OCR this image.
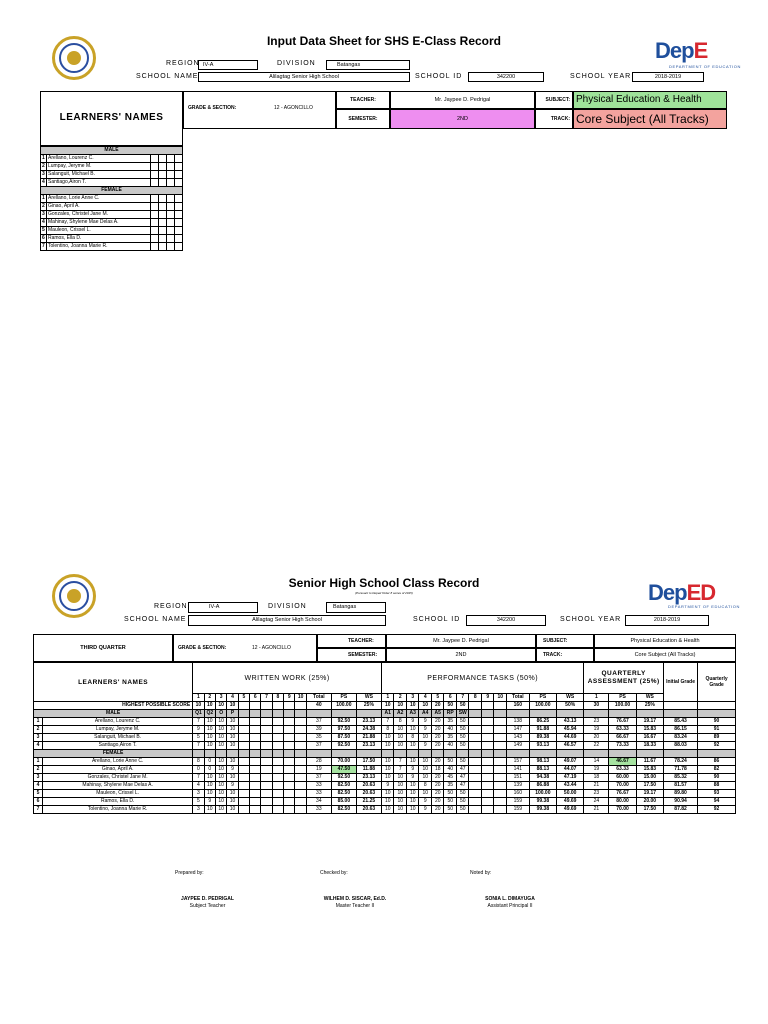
Input Data Sheet for SHS E-Class Record	DepE
DEPARTMENT OF EDUCATION
REGION IV-A	DIVISION	Batangas
SCHOOL NAME	Alilagtag Senior High School	SCHOOL ID	342200	SCHOOL YEAR	2018-2019
LEARNERS' NAMES
GRADE & SECTION:	12 - AGONCILLO
TEACHER:	Mr. Jaypee D. Pedrigal
SEMESTER:	2ND
SUBJECT: Physical Education & Health
TRACK: Core Subject (All Tracks)
MALE					
1	Arellano, Lourenz C.				
2	Lumpay, Jeryme M.				
3	Salanguit, Michael B.				
4	Santiago,Airon T.				
FEMALE					
1	Arellano, Lorie Anne C.				
2	Ginao, April A.				
3	Gonzales, Christel Jane M.				
4	Mahinay, Shylene Mae Delas A.				
5	Mauleon, Crissel L.				
6	Ramos, Ella D.				
7	Tolentino, Joanna Marie R.				
Senior High School Class Record
(Pursuant to Deped Order 8 series of 2015)	DepED
DEPARTMENT OF EDUCATION
REGION	IV-A	DIVISION	Batangas
SCHOOL NAME	Alilagtag Senior High School	SCHOOL ID	342200	SCHOOL YEAR	2018-2019
THIRD QUARTER	GRADE & SECTION:	12 - AGONCILLO
TEACHER:	Mr. Jaypee D. Pedrigal
SEMESTER:	2ND
SUBJECT:	Physical Education & Health
TRACK:	Core Subject (All Tracks)
LEARNERS' NAMES		WRITTEN WORK (25%)													PERFORMANCE TASKS (50%)													QUARTERLY ASSESSMENT (25%)			Initial Grade	Quarterly Grade
		1	2	3	4	5	6	7	8	9	10	Total	PS	WS	1	2	3	4	5	6	7	8	9	10	Total	PS	WS	1	PS	WS		
HIGHEST POSSIBLE SCORE		10	10	10	10							40	100.00	25%	10	10	10	10	20	50	50				160	100.00	50%	30	100.00	25%		
MALE		Q1	Q2	O	P										A1	A2	A3	A4	A5	RP	SW											
1	Arellano, Lourenz C.	7	10	10	10							37	92.50	23.13	7	8	9	9	20	35	50				138	86.25	43.13	23	76.67	19.17	85.43	90
2	Lumpay, Jeryme M.	9	10	10	10							39	97.50	24.38	8	10	10	9	20	40	50				147	91.88	45.94	19	63.33	15.83	86.15	91
3	Salanguit, Michael B.	5	10	10	10							35	87.50	21.88	10	10	8	10	20	35	50				143	89.38	44.69	20	66.67	16.67	83.24	89
4	Santiago,Airon T.	7	10	10	10							37	92.50	23.13	10	10	10	9	20	40	50				149	93.13	46.57	22	73.33	18.33	88.03	92
FEMALE																																
1	Arellano, Lorie Anne C.	8	0	10	10							28	70.00	17.50	10	7	10	10	20	50	50				157	98.13	49.07	14	46.67	11.67	78.24	86
2	Ginao, April A.	0	0	10	9							19	47.50	11.88	10	7	9	10	18	40	47				141	88.13	44.07	19	63.33	15.83	71.78	82
3	Gonzales, Christel Jane M.	7	10	10	10							37	92.50	23.13	10	10	9	10	20	45	47				151	94.38	47.19	18	60.00	15.00	85.32	90
4	Mahinay, Shylene Mae Delas A.	4	10	10	9							33	82.50	20.63	9	10	10	8	20	35	47				139	86.88	43.44	21	70.00	17.50	81.57	88
5	Mauleon, Crissel L.	3	10	10	10							33	82.50	20.63	10	10	10	10	20	50	50				160	100.00	50.00	23	76.67	19.17	89.80	93
6	Ramos, Ella D.	5	9	10	10							34	85.00	21.25	10	10	10	9	20	50	50				159	99.38	49.69	24	80.00	20.00	90.94	94
7	Tolentino, Joanna Marie R.	3	10	10	10							33	82.50	20.63	10	10	10	9	20	50	50				159	99.38	49.69	21	70.00	17.50	87.82	92
Prepared by:	Checked by:	Noted by:
JAYPEE D. PEDRIGAL
Subject Teacher
WILHEM D. SISCAR, Ed.D.
Master Teacher II
SONIA L. DIMAYUGA
Assistant Principal II
